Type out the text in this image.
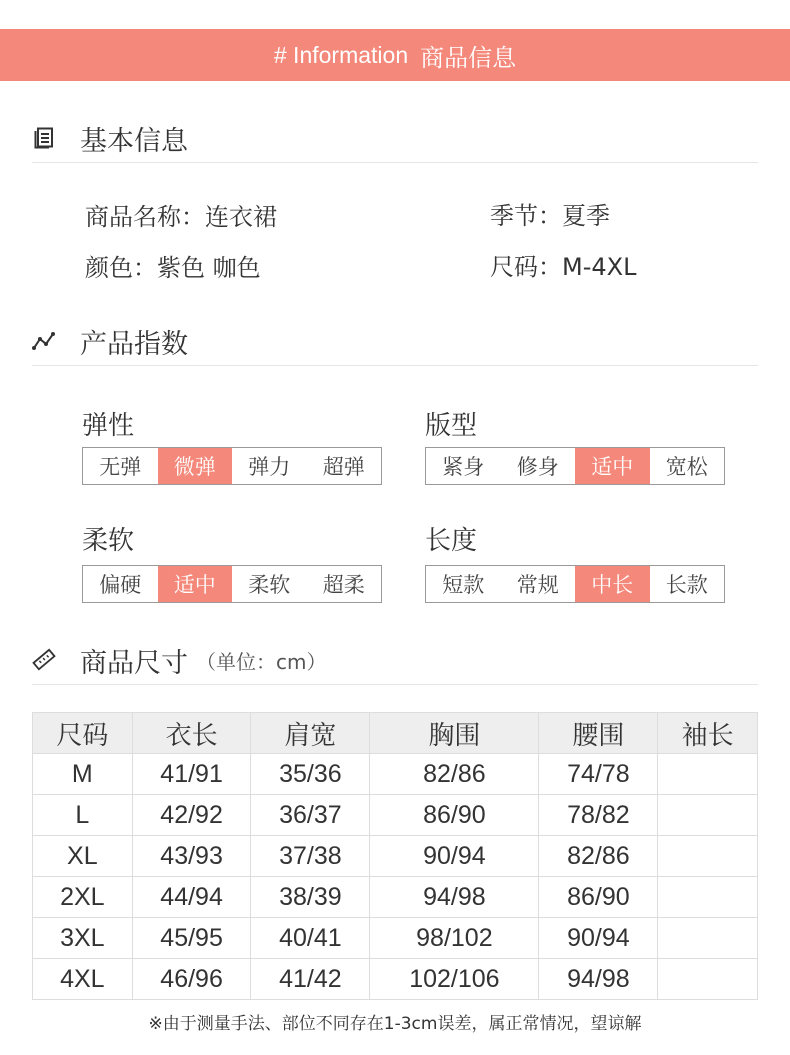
# Information 商品信息
基本信息
商品名称：连衣裙	季节：夏季
颜色：紫色 咖色	尺码：M-4XL
产品指数
弹性
无弹	微弹	弹力	超弹
版型
紧身	修身	适中	宽松
柔软
偏硬	适中	柔软	超柔
长度
短款	常规	中长	长款
商品尺寸 （单位：cm）
尺码	衣长	肩宽	胸围	腰围	袖长
M	41/91	35/36	82/86	74/78	
L	42/92	36/37	86/90	78/82	
XL	43/93	37/38	90/94	82/86	
2XL	44/94	38/39	94/98	86/90	
3XL	45/95	40/41	98/102	90/94	
4XL	46/96	41/42	102/106	94/98	
※由于测量手法、部位不同存在1-3cm误差，属正常情况，望谅解
